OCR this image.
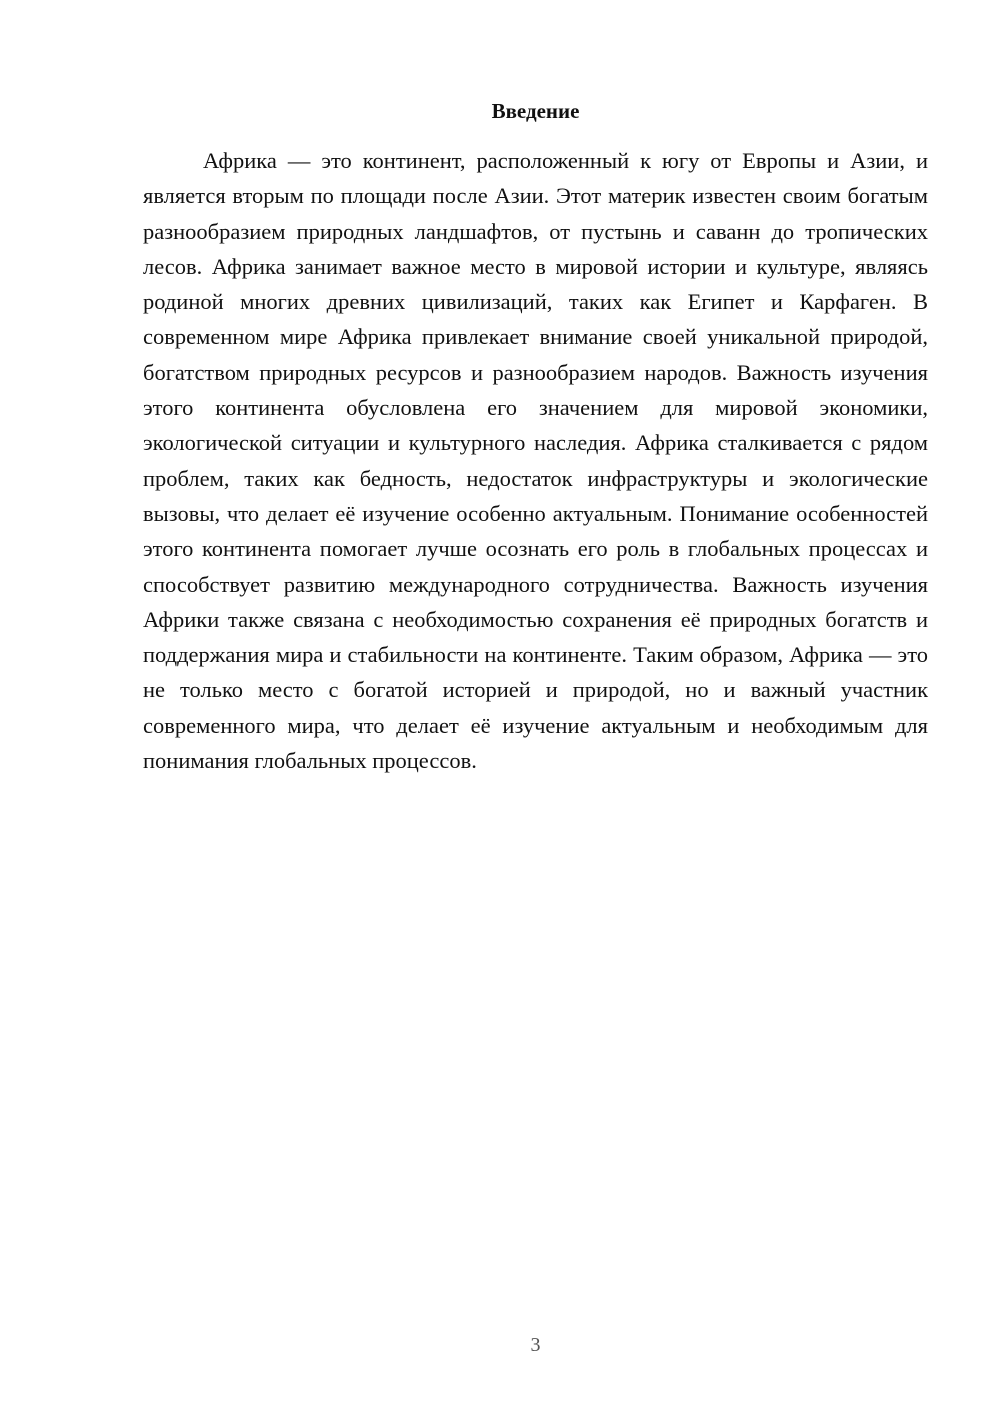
Введение

Африка — это континент, расположенный к югу от Европы и Азии, и является вторым по площади после Азии. Этот материк известен своим богатым разнообразием природных ландшафтов, от пустынь и саванн до тропических лесов. Африка занимает важное место в мировой истории и культуре, являясь родиной многих древних цивилизаций, таких как Египет и Карфаген. В современном мире Африка привлекает внимание своей уникальной природой, богатством природных ресурсов и разнообразием народов. Важность изучения этого континента обусловлена его значением для мировой экономики, экологической ситуации и культурного наследия. Африка сталкивается с рядом проблем, таких как бедность, недостаток инфраструктуры и экологические вызовы, что делает её изучение особенно актуальным. Понимание особенностей этого континента помогает лучше осознать его роль в глобальных процессах и способствует развитию международного сотрудничества. Важность изучения Африки также связана с необходимостью сохранения её природных богатств и поддержания мира и стабильности на континенте. Таким образом, Африка — это не только место с богатой историей и природой, но и важный участник современного мира, что делает её изучение актуальным и необходимым для понимания глобальных процессов.

3
